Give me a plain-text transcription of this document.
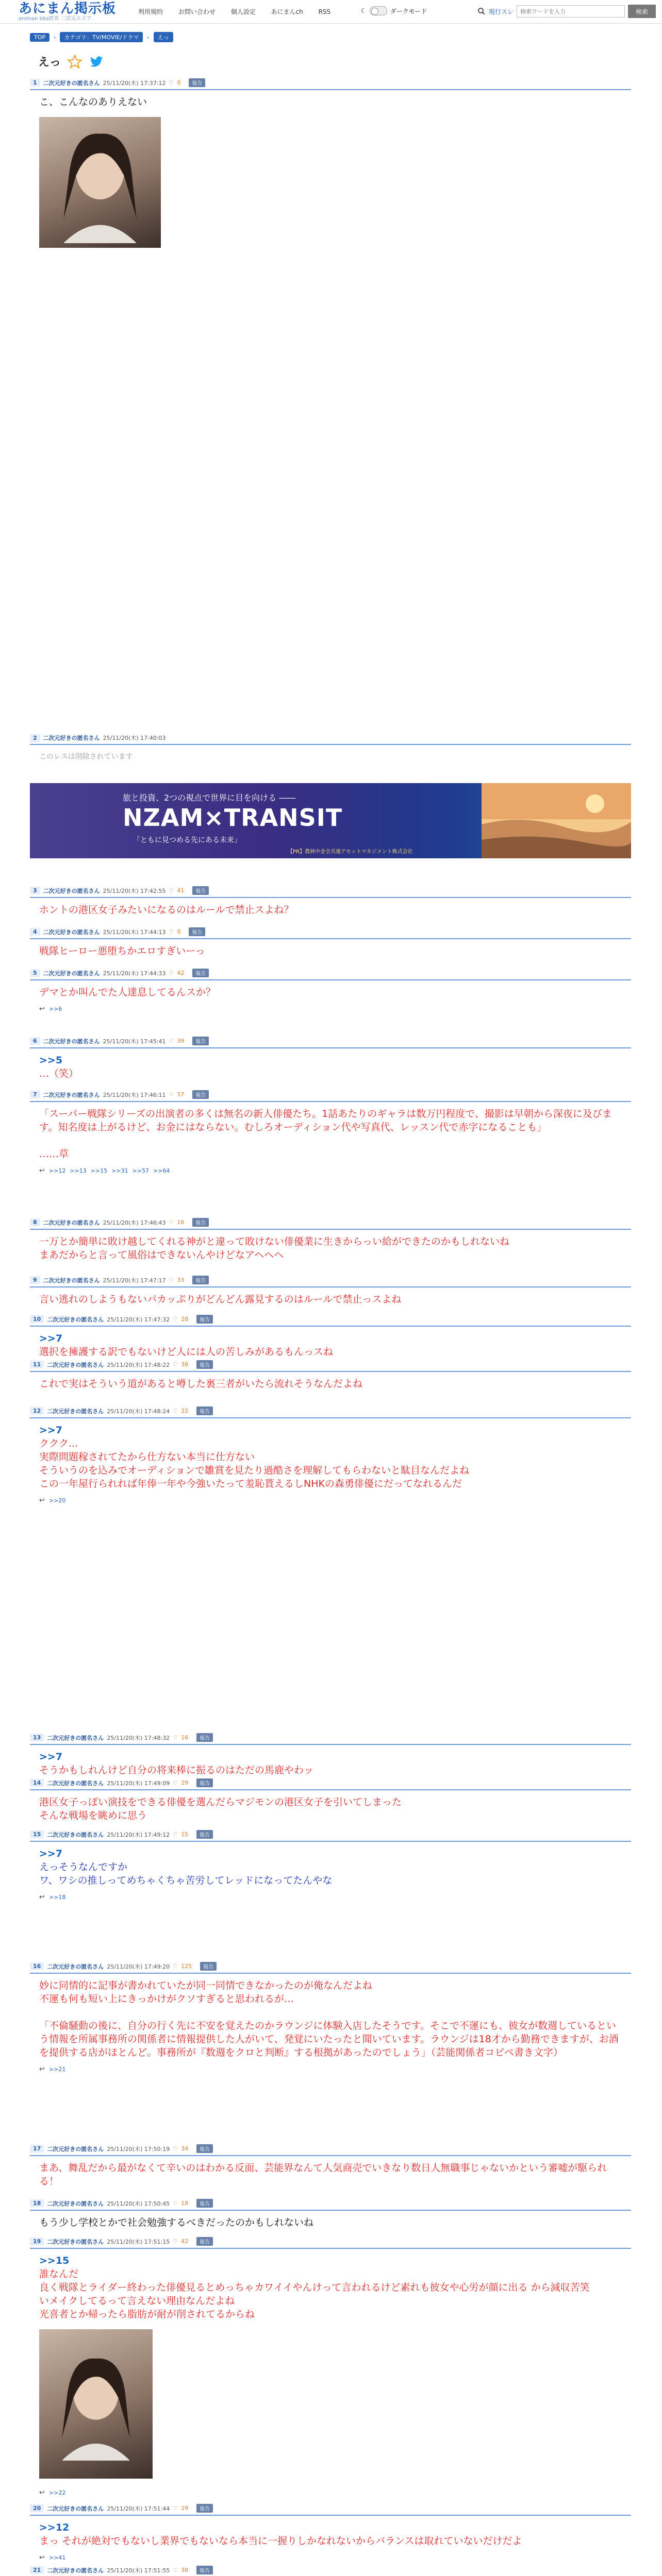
あにまん掲示板
animan bbs匿名 二次元エリア
利用規約 お問い合わせ 個人設定 あにまんch RSS	☾	ダークモード	現行スレ
検索ワードを入力	検索
TOP	›	カテゴリ：TV/MOVIE/ドラマ	›	えっ
えっ
旅と投資、2つの視点で世界に目を向ける ――
NZAM×TRANSIT
「ともに見つめる先にある未来」
【PR】農林中金全共連アセットマネジメント株式会社
1	二次元好きの匿名さん 25/11/20(木) 17:37:12 ♡ 0	報告
こ、こんなのありえない
2	二次元好きの匿名さん 25/11/20(木) 17:40:03
このレスは削除されています
3	二次元好きの匿名さん 25/11/20(木) 17:42:55 ♡ 41	報告
ホントの港区女子みたいになるのはルールで禁止スよね？
4	二次元好きの匿名さん 25/11/20(木) 17:44:13 ♡ 0	報告
戦隊ヒーロー悪堕ちかエロすぎいーっ
5	二次元好きの匿名さん 25/11/20(木) 17:44:33 ♡ 42	報告
デマとか叫んでた人達息してるんスか？
↩ >>6
6	二次元好きの匿名さん 25/11/20(木) 17:45:41 ♡ 39	報告
>>5
…（笑）
7	二次元好きの匿名さん 25/11/20(木) 17:46:11 ♡ 57	報告
「スーパー戦隊シリーズの出演者の多くは無名の新人俳優たち。1話あたりのギャラは数万円程度で、撮影は早朝から深夜に及びます。知名度は上がるけど、お金にはならない。むしろオーディション代や写真代、レッスン代で赤字になることも」

……草
↩ >>12 >>13 >>15 >>31 >>57 >>64
8	二次元好きの匿名さん 25/11/20(木) 17:46:43 ♡ 16	報告
一万とか簡単に敗け越してくれる神がと違って敗けない俳優業に生きからっい給ができたのかもしれないね
まあだからと言って風俗はできないんやけどなアヘヘヘ
9	二次元好きの匿名さん 25/11/20(木) 17:47:17 ♡ 33	報告
言い逃れのしようもないパカッぷりがどんどん露見するのはルールで禁止っスよね
10	二次元好きの匿名さん 25/11/20(木) 17:47:32 ♡ 28	報告
>>7
選択を擁護する訳でもないけど人には人の苦しみがあるもんっスね
11	二次元好きの匿名さん 25/11/20(木) 17:48:22 ♡ 38	報告
これで実はそういう道があると噂した裏三者がいたら流れそうなんだよね
12	二次元好きの匿名さん 25/11/20(木) 17:48:24 ♡ 22	報告
>>7
ククク...
実際問題稼されてたから仕方ない本当に仕方ない
そういうのを込みでオーディションで雛賞を見たり過酷さを理解してもらわないと駄目なんだよね
この一年屋行られれば年俸一年や今強いたって羞恥貰えるしNHKの森勇俳優にだってなれるんだ
↩ >>20
13	二次元好きの匿名さん 25/11/20(木) 17:48:32 ♡ 16	報告
>>7
そうかもしれんけど自分の将来棒に振るのはただの馬鹿やわッ
14	二次元好きの匿名さん 25/11/20(木) 17:49:09 ♡ 29	報告
港区女子っぽい演技をできる俳優を選んだらマジモンの港区女子を引いてしまった
そんな戦場を眺めに思う
15	二次元好きの匿名さん 25/11/20(木) 17:49:12 ♡ 15	報告
>>7
えっそうなんですか
ワ、ワシの推しってめちゃくちゃ苦労してレッドになってたんやな
↩ >>18
16	二次元好きの匿名さん 25/11/20(木) 17:49:20 ♡ 125	報告
妙に同情的に記事が書かれていたが同一同情できなかったのが俺なんだよね
不運も何も短い上にきっかけがクソすぎると思われるが…

「不倫騒動の後に、自分の行く先に不安を覚えたのかラウンジに体験入店したそうです。そこで不運にも、彼女が数週しているという情報を所属事務所の関係者に情報提供した人がいて、発覚にいたったと聞いています。ラウンジは18才から勤務できますが、お酒を提供する店がほとんど。事務所が『数週をクロと判断』する根拠があったのでしょう」（芸能関係者コピペ書き文字）
↩ >>21
17	二次元好きの匿名さん 25/11/20(木) 17:50:19 ♡ 34	報告
まあ、舞乱だから最がなくて辛いのはわかる反面、芸能界なんて人気商売でいきなり数日人無職事じゃないかという審嘘が駆られる！
18	二次元好きの匿名さん 25/11/20(木) 17:50:45 ♡ 18	報告
もう少し学校とかで社会勉強するべきだったのかもしれないね
19	二次元好きの匿名さん 25/11/20(木) 17:51:15 ♡ 42	報告
>>15
誰なんだ
良く戦隊とライダー終わった俳優見るとめっちゃカワイイやんけって言われるけど素れも彼女や心労が顔に出る から減収苦笑
いメイクしてるって言えない理由なんだよね
光喜者とか帰ったら脂肪が耐が削されてるからね
↩ >>22
20	二次元好きの匿名さん 25/11/20(木) 17:51:44 ♡ 29	報告
>>12
まっ それが絶対でもないし業界でもないなら本当に一握りしかなれないからバランスは取れていないだけだよ
↩ >>41
21	二次元好きの匿名さん 25/11/20(木) 17:51:55 ♡ 38	報告
